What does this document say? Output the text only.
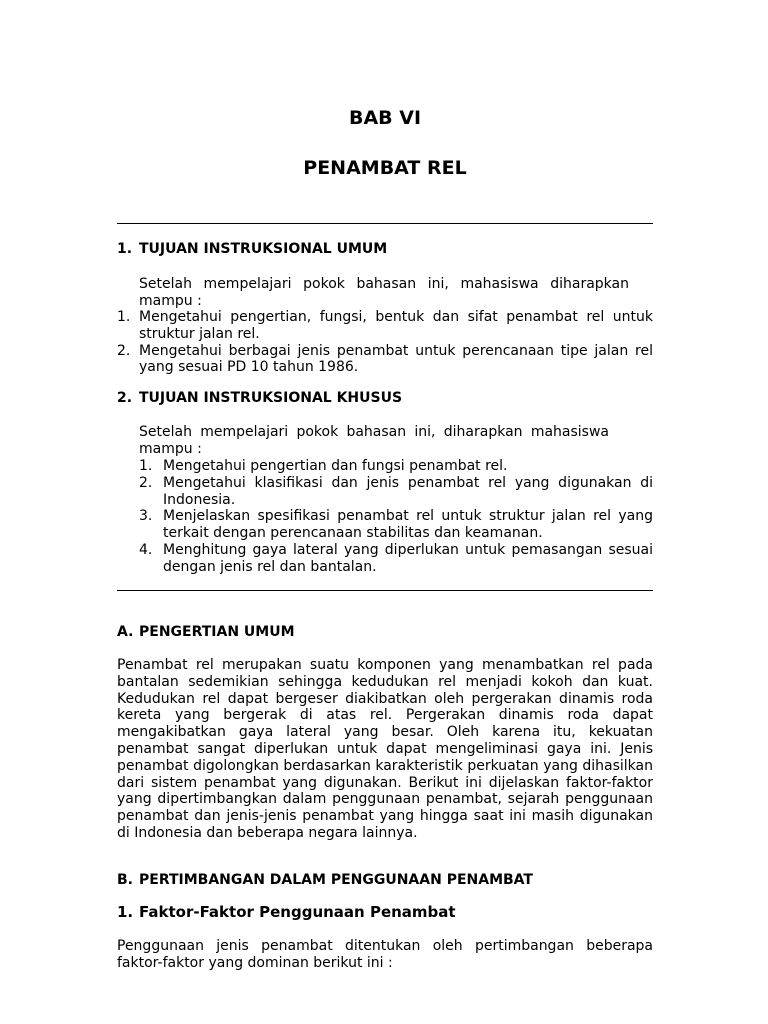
BAB VI
PENAMBAT REL
1. TUJUAN INSTRUKSIONAL UMUM
Setelah mempelajari pokok bahasan ini, mahasiswa diharapkan mampu :
1. Mengetahui pengertian, fungsi, bentuk dan sifat penambat rel untuk struktur jalan rel.
2. Mengetahui berbagai jenis penambat untuk perencanaan tipe jalan rel yang sesuai PD 10 tahun 1986.
2. TUJUAN INSTRUKSIONAL KHUSUS
Setelah mempelajari pokok bahasan ini, diharapkan mahasiswa mampu :
1. Mengetahui pengertian dan fungsi penambat rel.
2. Mengetahui klasifikasi dan jenis penambat rel yang digunakan di Indonesia.
3. Menjelaskan spesifikasi penambat rel untuk struktur jalan rel yang terkait dengan perencanaan stabilitas dan keamanan.
4. Menghitung gaya lateral yang diperlukan untuk pemasangan sesuai dengan jenis rel dan bantalan.
A. PENGERTIAN UMUM
Penambat rel merupakan suatu komponen yang menambatkan rel pada bantalan sedemikian sehingga kedudukan rel menjadi kokoh dan kuat. Kedudukan rel dapat bergeser diakibatkan oleh pergerakan dinamis roda kereta yang bergerak di atas rel. Pergerakan dinamis roda dapat mengakibatkan gaya lateral yang besar. Oleh karena itu, kekuatan penambat sangat diperlukan untuk dapat mengeliminasi gaya ini. Jenis penambat digolongkan berdasarkan karakteristik perkuatan yang dihasilkan dari sistem penambat yang digunakan. Berikut ini dijelaskan faktor-faktor yang dipertimbangkan dalam penggunaan penambat, sejarah penggunaan penambat dan jenis-jenis penambat yang hingga saat ini masih digunakan di Indonesia dan beberapa negara lainnya.
B. PERTIMBANGAN DALAM PENGGUNAAN PENAMBAT
1. Faktor-Faktor Penggunaan Penambat
Penggunaan jenis penambat ditentukan oleh pertimbangan beberapa faktor-faktor yang dominan berikut ini :
